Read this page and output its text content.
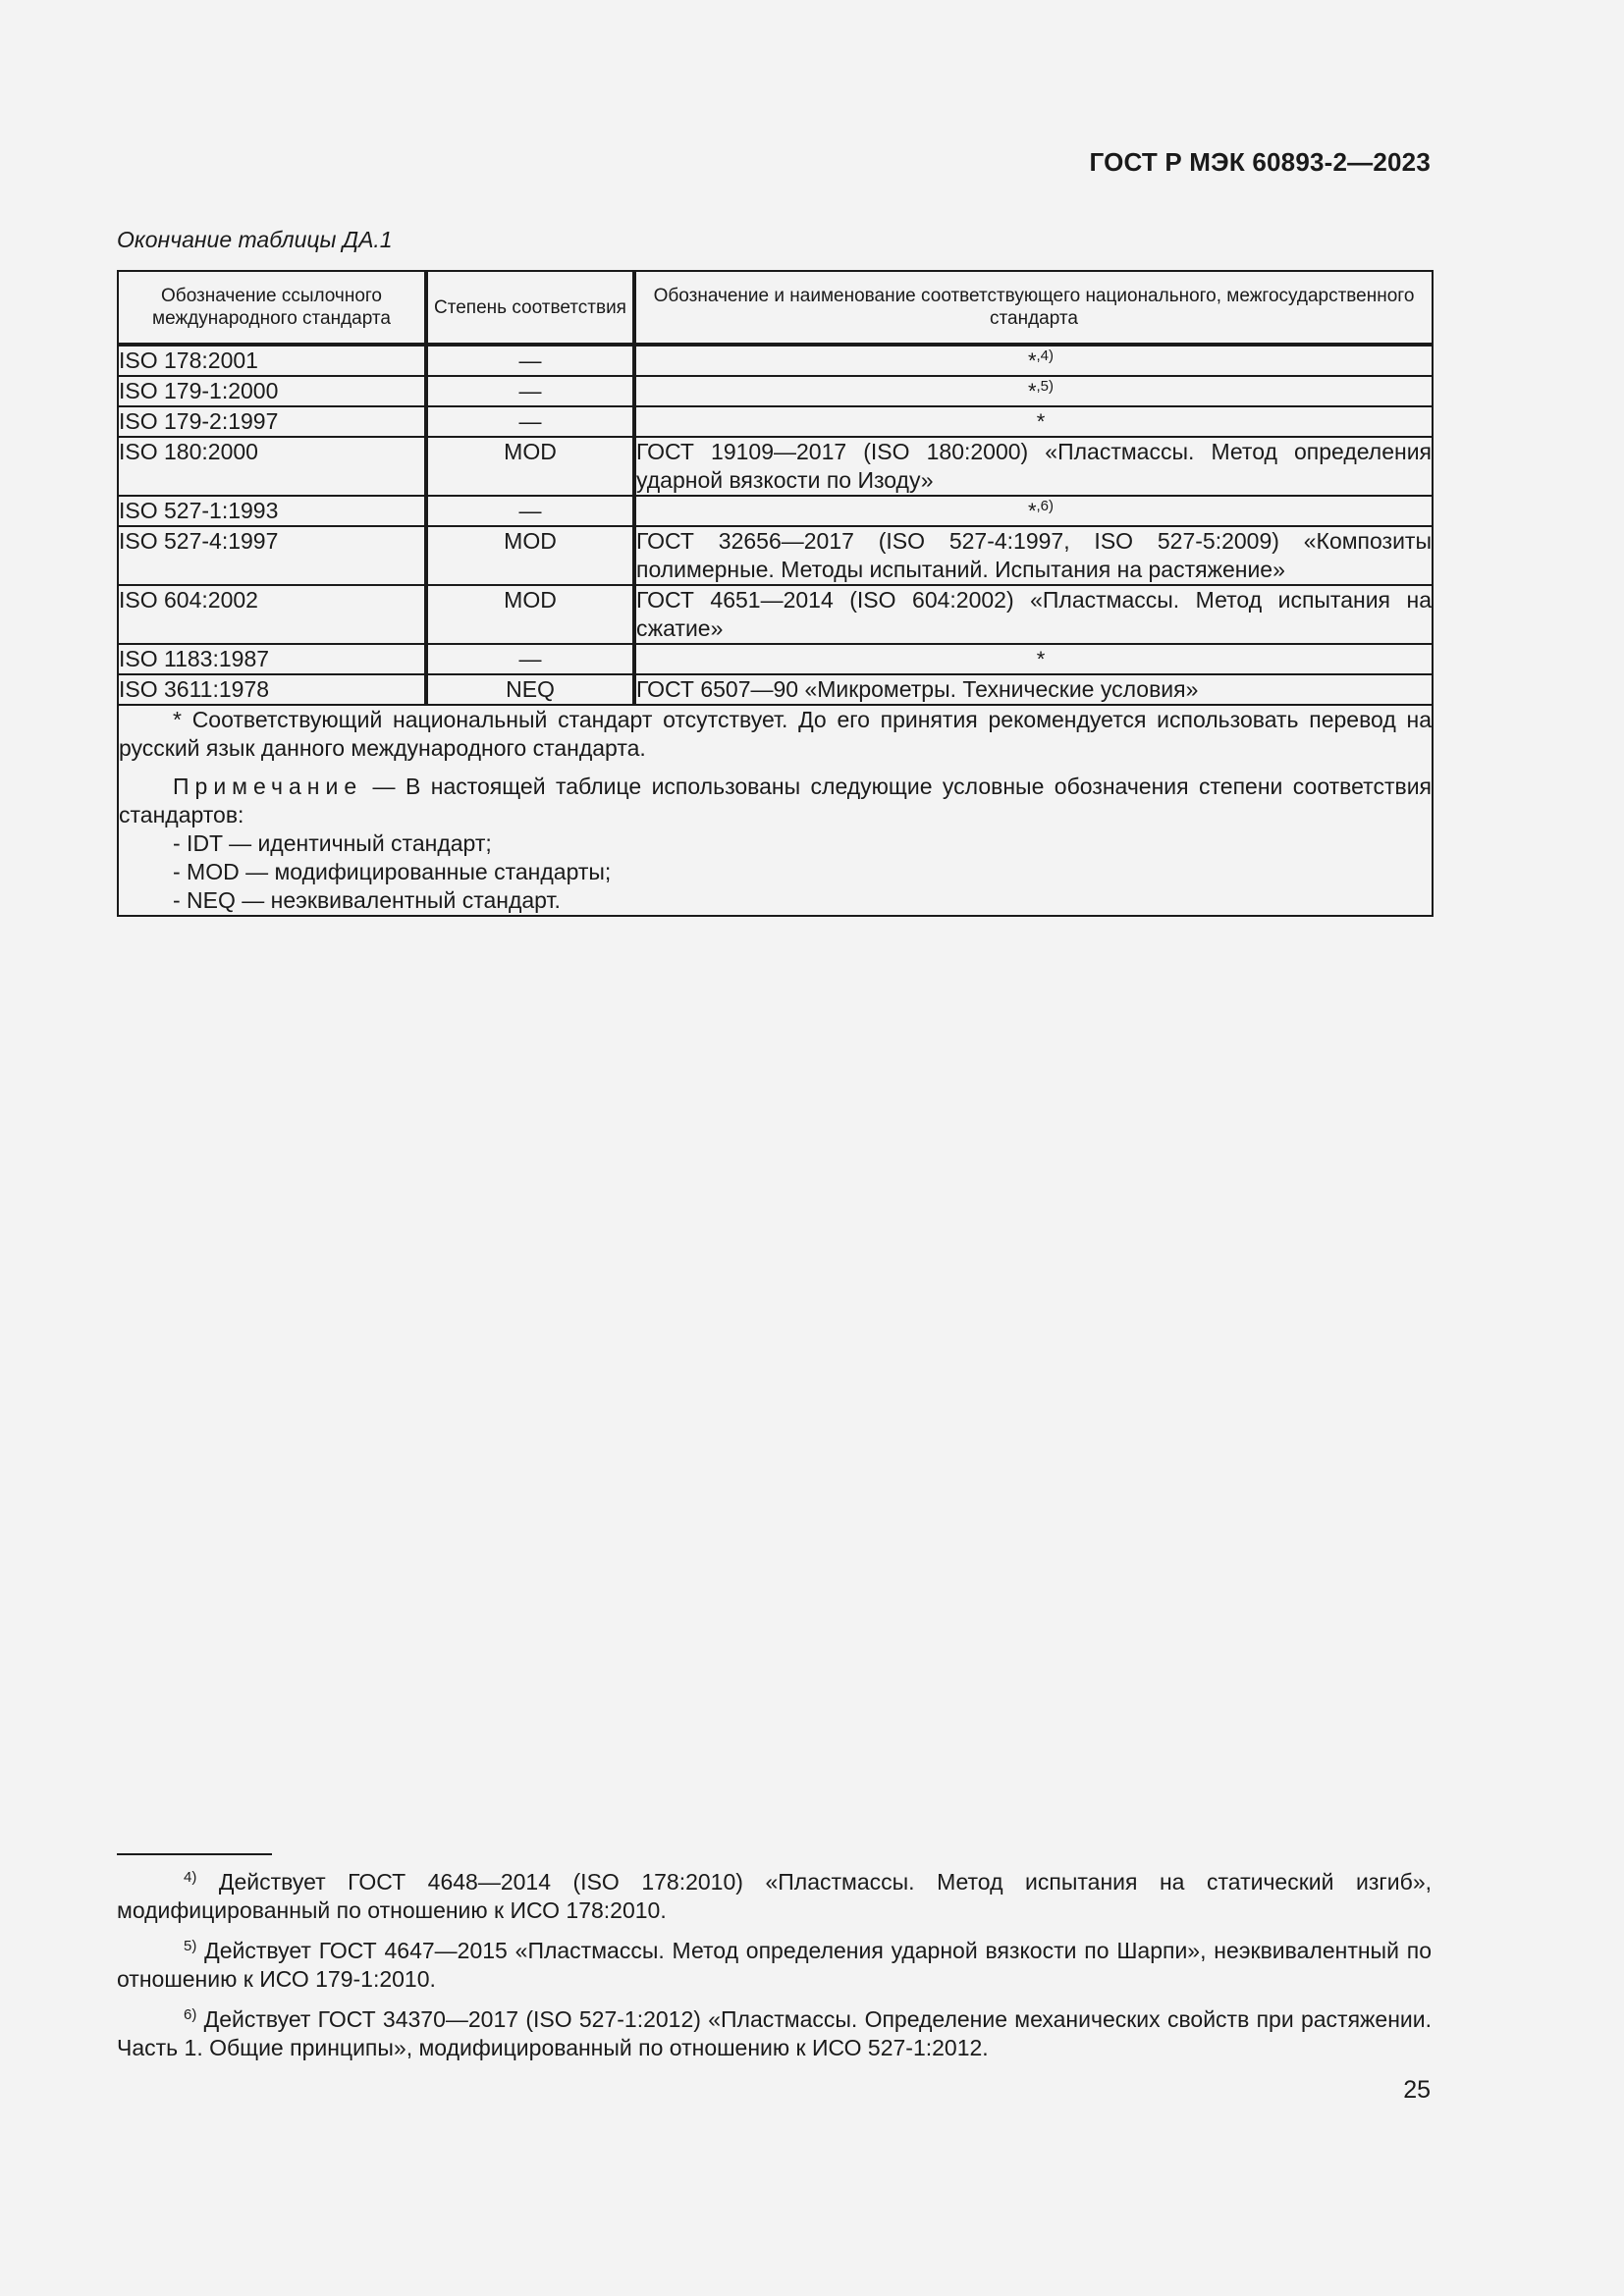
ГОСТ Р МЭК 60893-2—2023
Окончание таблицы ДА.1
Обозначение ссылочного международного стандарта	Степень соответствия	Обозначение и наименование соответствующего национального, межгосударственного стандарта
ISO 178:2001	—	*$^{,4)}$
ISO 179-1:2000	—	*$^{,5)}$
ISO 179-2:1997	—	*
ISO 180:2000	MOD	ГОСТ 19109—2017 (ISO 180:2000) «Пластмассы. Метод определения ударной вязкости по Изоду»
ISO 527-1:1993	—	*$^{,6)}$
ISO 527-4:1997	MOD	ГОСТ 32656—2017 (ISO 527-4:1997, ISO 527-5:2009) «Композиты полимерные. Методы испытаний. Испытания на растяжение»
ISO 604:2002	MOD	ГОСТ 4651—2014 (ISO 604:2002) «Пластмассы. Метод испытания на сжатие»
ISO 1183:1987	—	*
ISO 3611:1978	NEQ	ГОСТ 6507—90 «Микрометры. Технические условия»

* Соответствующий национальный стандарт отсутствует. До его принятия рекомендуется использовать перевод на русский язык данного международного стандарта.

Примечание — В настоящей таблице использованы следующие условные обозначения степени соответствия стандартов:

- IDT — идентичный стандарт;

- MOD — модифицированные стандарты;

- NEQ — неэквивалентный стандарт.		

$^{4)}$ Действует ГОСТ 4648—2014 (ISO 178:2010) «Пластмассы. Метод испытания на статический изгиб», модифицированный по отношению к ИСО 178:2010.

$^{5)}$ Действует ГОСТ 4647—2015 «Пластмассы. Метод определения ударной вязкости по Шарпи», неэквивалентный по отношению к ИСО 179-1:2010.

$^{6)}$ Действует ГОСТ 34370—2017 (ISO 527-1:2012) «Пластмассы. Определение механических свойств при растяжении. Часть 1. Общие принципы», модифицированный по отношению к ИСО 527-1:2012.

25
